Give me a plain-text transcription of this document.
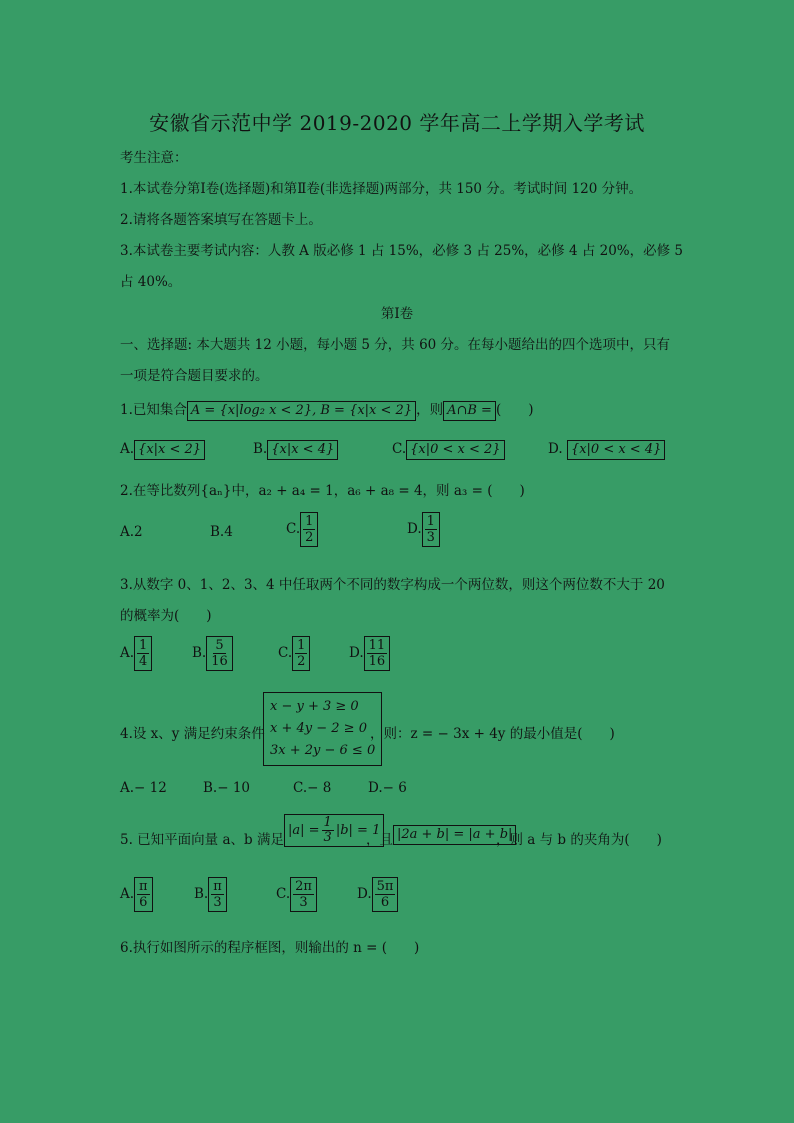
安徽省示范中学 2019-2020 学年高二上学期入学考试
考生注意：
1.本试卷分第Ⅰ卷(选择题)和第Ⅱ卷(非选择题)两部分，共 150 分。考试时间 120 分钟。
2.请将各题答案填写在答题卡上。
3.本试卷主要考试内容：人教 A 版必修 1 占 15%，必修 3 占 25%，必修 4 占 20%，必修 5
占 40%。
第Ⅰ卷
一、选择题: 本大题共 12 小题，每小题 5 分，共 60 分。在每小题给出的四个选项中，只有
一项是符合题目要求的。
1.已知集合 A = {x|log₂ x < 2}, B = {x|x < 2} ，则 A∩B = (　　)
A. {x|x < 2}	B. {x|x < 4}	C. {x|0 < x < 2}	D. {x|0 < x < 4}
2.在等比数列{aₙ}中，a₂ + a₄ = 1，a₆ + a₈ = 4，则 a₃ = (　　)
A.2	B.4	C. $\frac{1}{2}$	D. $\frac{1}{3}$
3.从数字 0、1、2、3、4 中任取两个不同的数字构成一个两位数，则这个两位数不大于 20
的概率为(　　)
A. $\frac{1}{4}$	B. $\frac{5}{16}$	C. $\frac{1}{2}$	D. $\frac{11}{16}$
4.设 x、y 满足约束条件
x − y + 3 ≥ 0
x + 4y − 2 ≥ 0
3x + 2y − 6 ≤ 0
，则：z = − 3x + 4y 的最小值是(　　)
A.− 12	B.− 10	C.− 8	D.− 6
5. 已知平面向量 a、b 满足
$|a| = \frac{1}{3} |b| = 1$
，且 |2a + b| = |a + b|
，则 a 与 b 的夹角为(　　)
A. $\frac{\pi}{6}$	B. $\frac{\pi}{3}$	C. $\frac{2\pi}{3}$	D. $\frac{5\pi}{6}$
6.执行如图所示的程序框图，则输出的 n = (　　)
